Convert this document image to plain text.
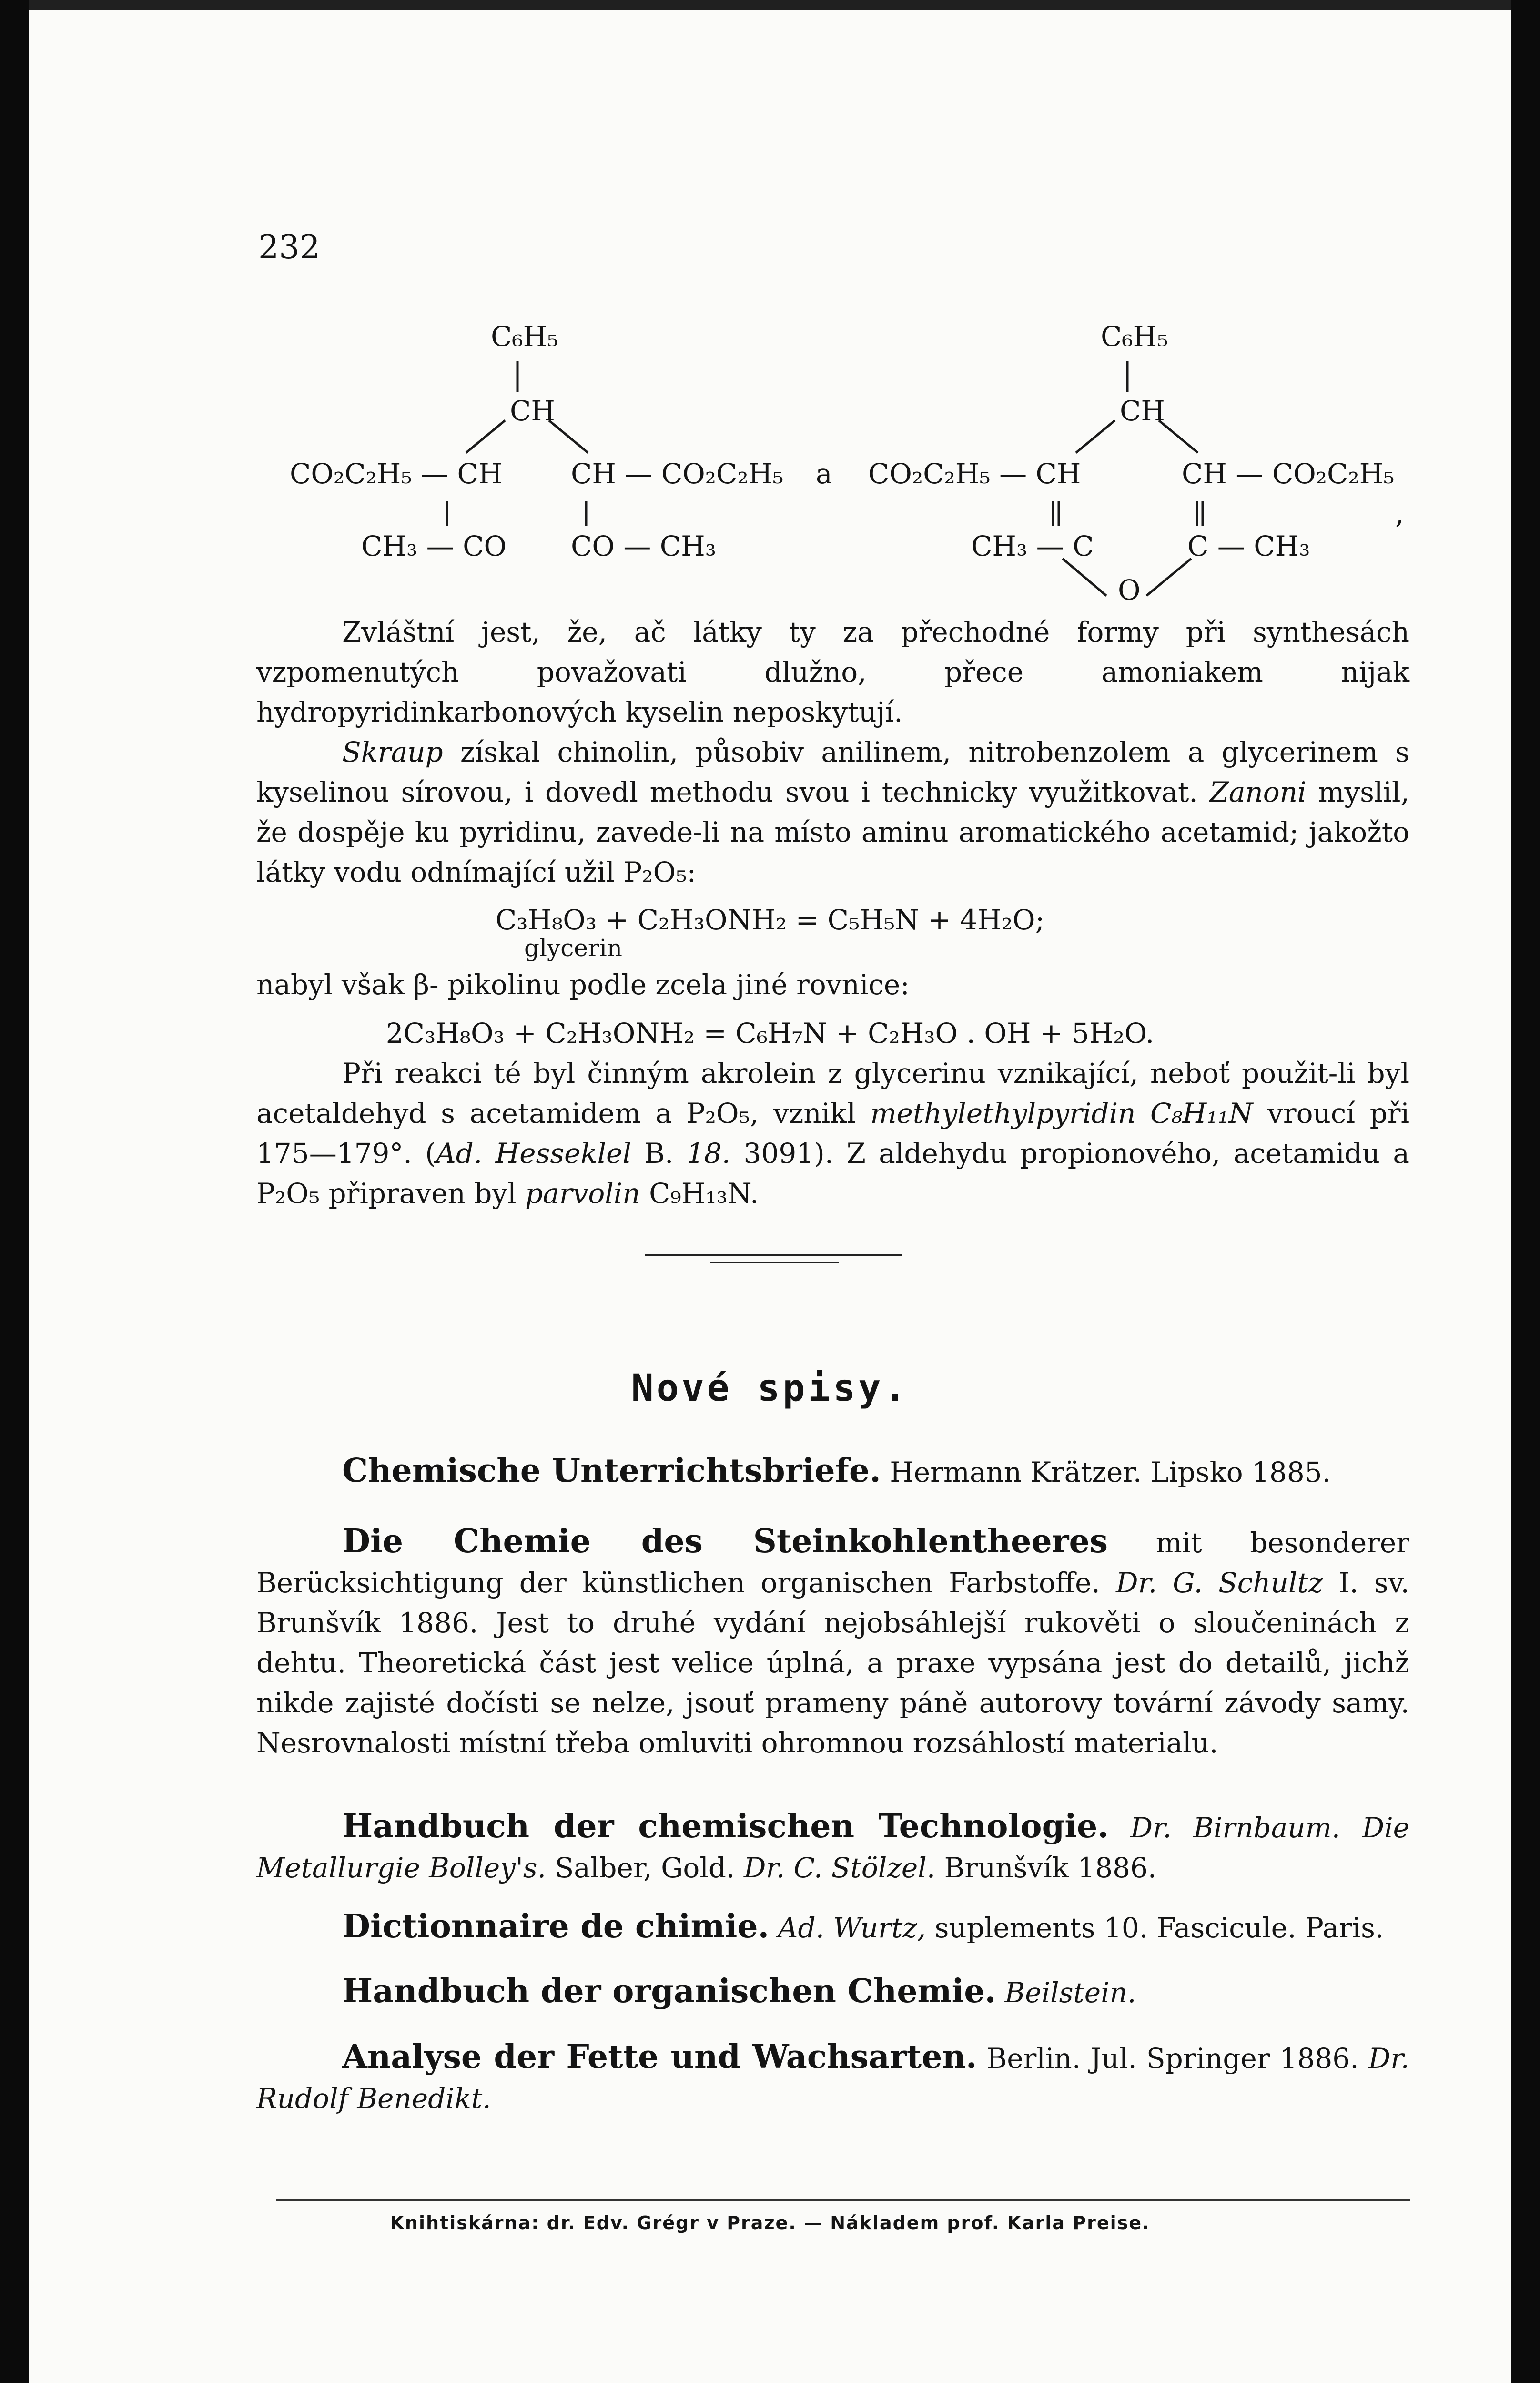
232
C₆H₅
CH
CO₂C₂H₅ — CH CH — CO₂C₂H₅
CH₃ — CO CO — CH₃
a
C₆H₅
CH
CO₂C₂H₅ — CH	CH — CO₂C₂H₅
CH₃ — C	C — CH₃
O
,

Zvláštní jest, že, ač látky ty za přechodné formy při synthesách vzpomenutých považovati dlužno, přece amoniakem nijak hydropyridinkarbonových kyselin neposkytují.

Skraup získal chinolin, působiv anilinem, nitrobenzolem a glycerinem s kyselinou sírovou, i dovedl methodu svou i technicky využitkovat. Zanoni myslil, že dospěje ku pyridinu, zavede-li na místo aminu aromatického acetamid; jakožto látky vodu odnímající užil P₂O₅:

C₃H₈O₃ + C₂H₃ONH₂ = C₅H₅N + 4H₂O;
glycerin

nabyl však β- pikolinu podle zcela jiné rovnice:

2C₃H₈O₃ + C₂H₃ONH₂ = C₆H₇N + C₂H₃O . OH + 5H₂O.

Při reakci té byl činným akrolein z glycerinu vznikající, neboť použit-li byl acetaldehyd s acetamidem a P₂O₅, vznikl methylethylpyridin C₈H₁₁N vroucí při 175—179°. (Ad. Hesseklel B. 18. 3091). Z aldehydu propionového, acetamidu a P₂O₅ připraven byl parvolin C₉H₁₃N.

Nové spisy.

Chemische Unterrichtsbriefe. Hermann Krätzer. Lipsko 1885.

Die Chemie des Steinkohlentheeres mit besonderer Berücksichtigung der künstlichen organischen Farbstoffe. Dr. G. Schultz I. sv. Brunšvík 1886. Jest to druhé vydání nejobsáhlejší rukověti o sloučeninách z dehtu. Theoretická část jest velice úplná, a praxe vypsána jest do detailů, jichž nikde zajisté dočísti se nelze, jsouť prameny páně autorovy tovární závody samy. Nesrovnalosti místní třeba omluviti ohromnou rozsáhlostí materialu.

Handbuch der chemischen Technologie. Dr. Birnbaum. Die Metallurgie Bolley's. Salber, Gold. Dr. C. Stölzel. Brunšvík 1886.

Dictionnaire de chimie. Ad. Wurtz, suplements 10. Fascicule. Paris.

Handbuch der organischen Chemie. Beilstein.

Analyse der Fette und Wachsarten. Berlin. Jul. Springer 1886. Dr. Rudolf Benedikt.

Knihtiskárna: dr. Edv. Grégr v Praze. — Nákladem prof. Karla Preise.
